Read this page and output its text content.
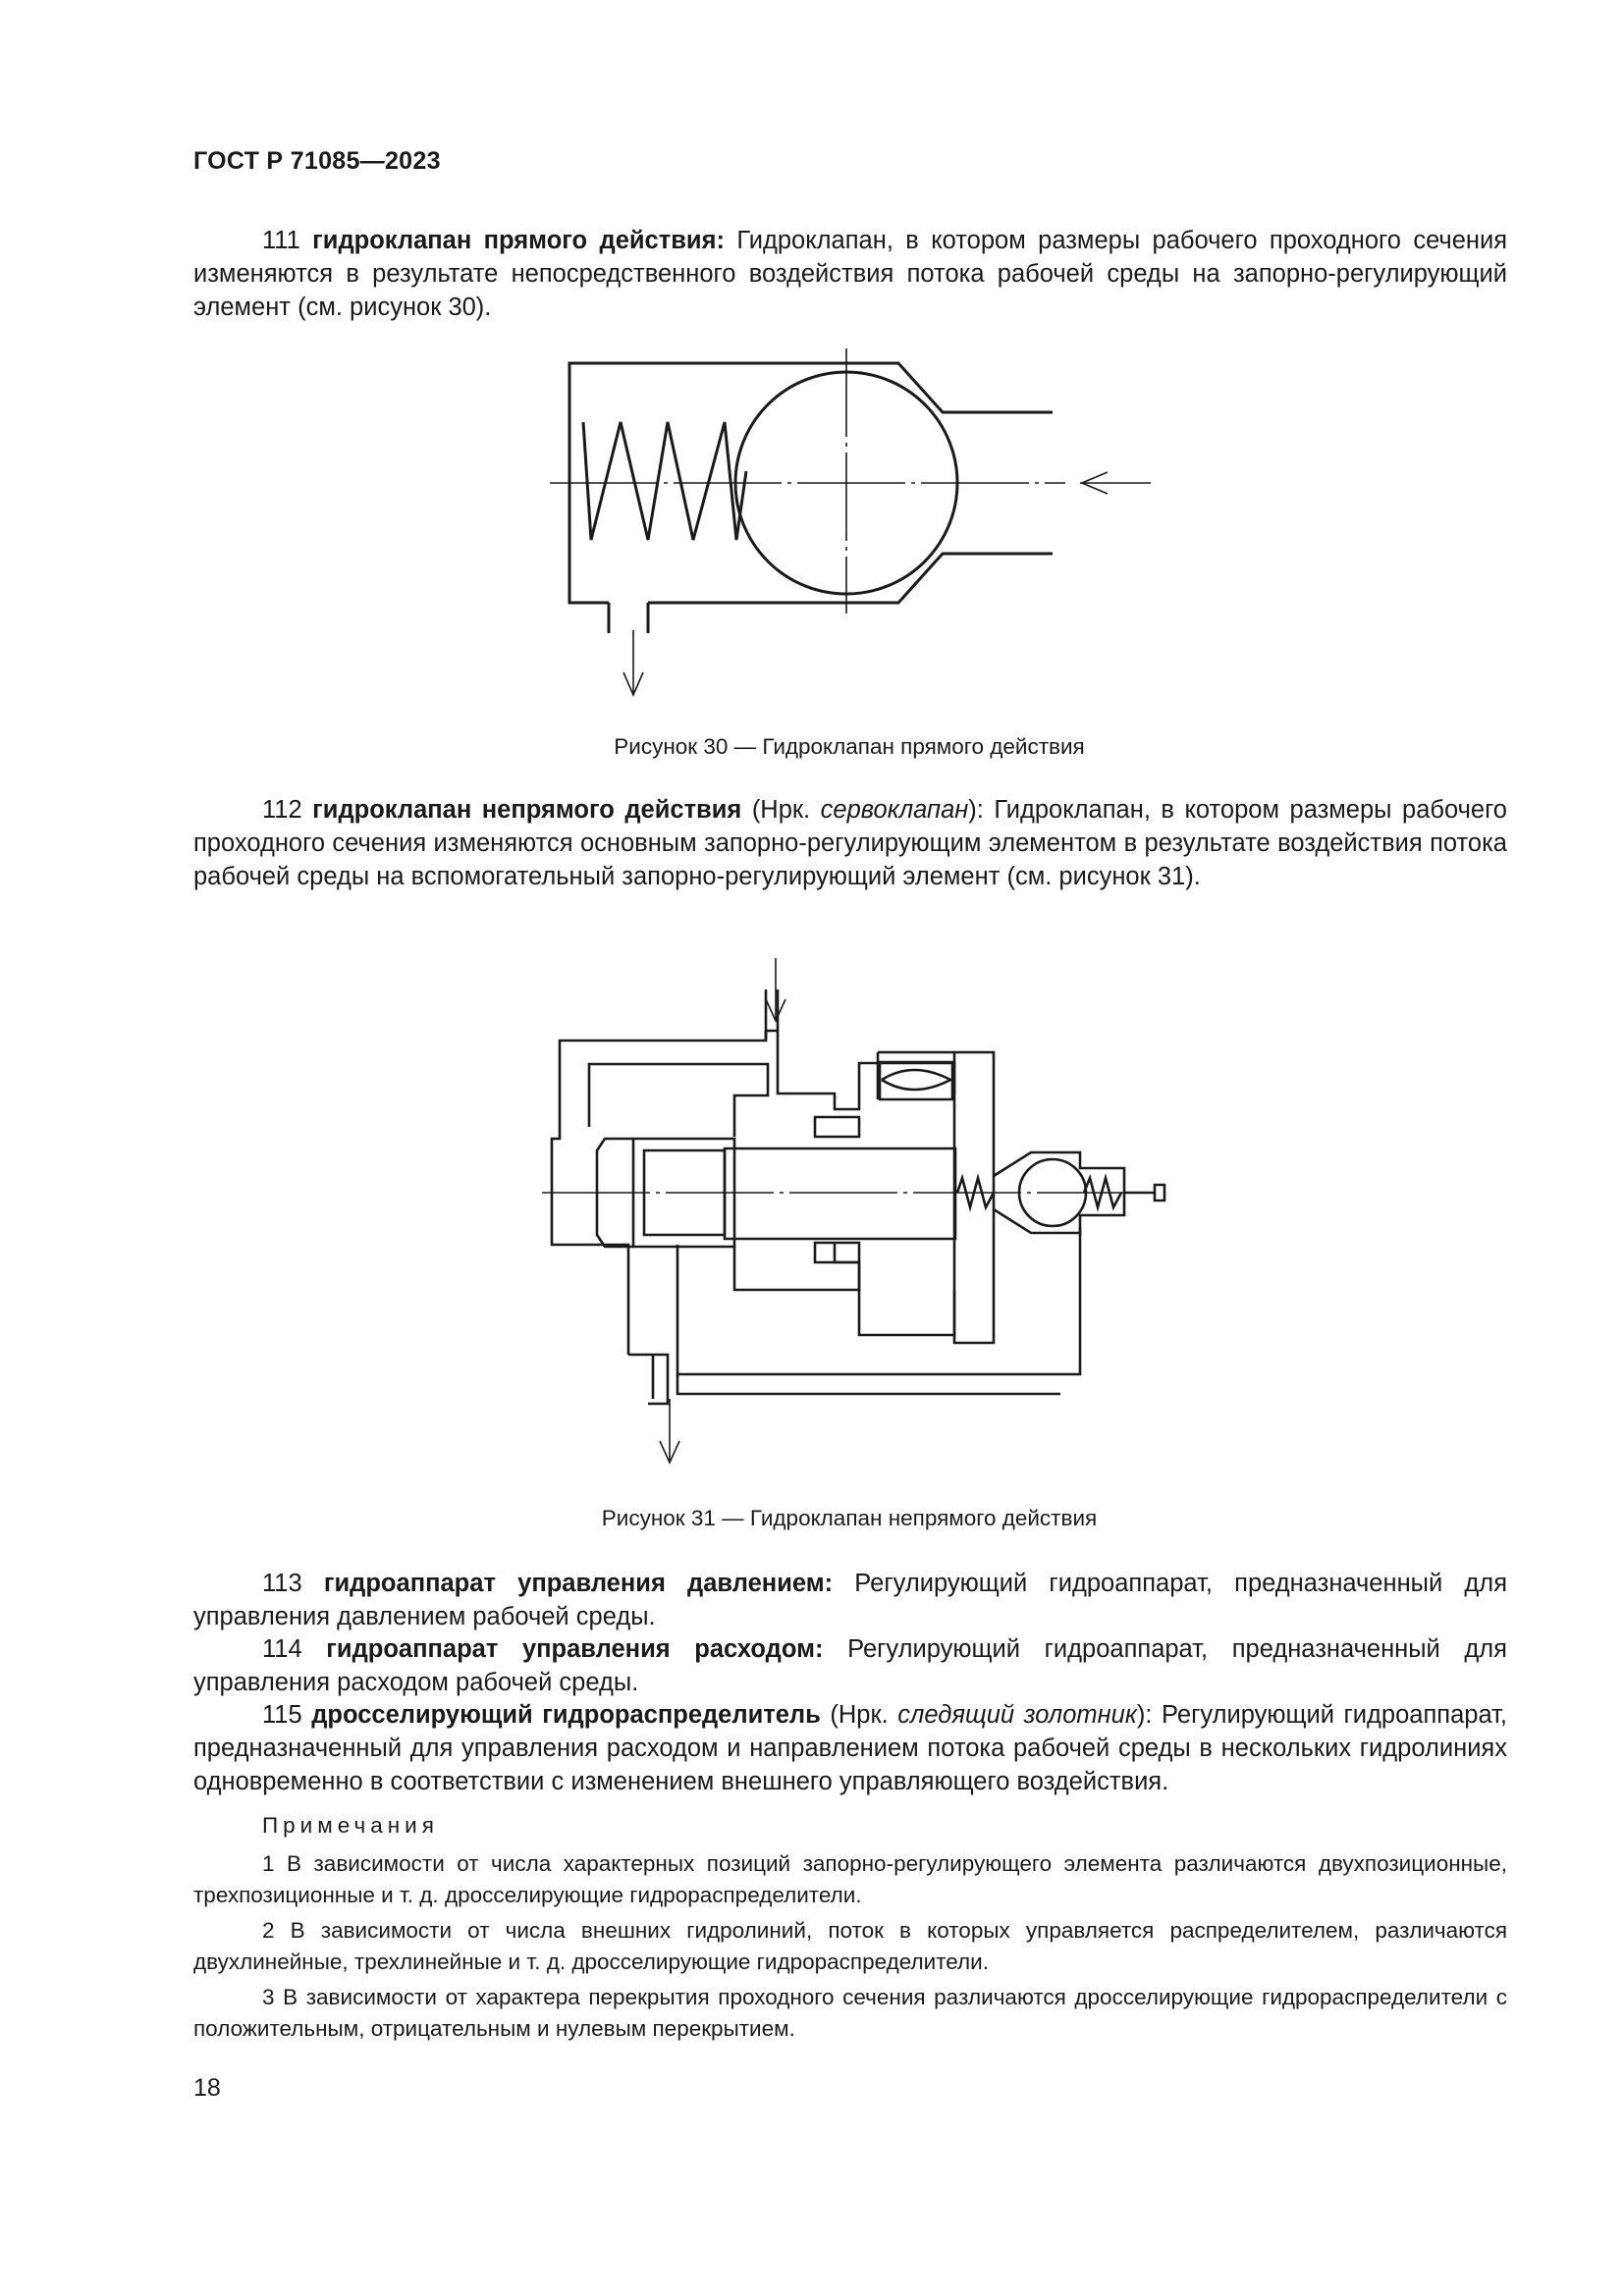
ГОСТ Р 71085—2023
111 гидроклапан прямого действия: Гидроклапан, в котором размеры рабочего проходного сечения изменяются в результате непосредственного воздействия потока рабочей среды на запорно-регулирующий элемент (см. рисунок 30).
Рисунок 30 — Гидроклапан прямого действия
112 гидроклапан непрямого действия (Нрк. сервоклапан): Гидроклапан, в котором размеры рабочего проходного сечения изменяются основным запорно-регулирующим элементом в результате воздействия потока рабочей среды на вспомогательный запорно-регулирующий элемент (см. рисунок 31).
Рисунок 31 — Гидроклапан непрямого действия
113 гидроаппарат управления давлением: Регулирующий гидроаппарат, предназначенный для управления давлением рабочей среды.
114 гидроаппарат управления расходом: Регулирующий гидроаппарат, предназначенный для управления расходом рабочей среды.
115 дросселирующий гидрораспределитель (Нрк. следящий золотник): Регулирующий гидроаппарат, предназначенный для управления расходом и направлением потока рабочей среды в нескольких гидролиниях одновременно в соответствии с изменением внешнего управляющего воздействия.
Примечания
1 В зависимости от числа характерных позиций запорно-регулирующего элемента различаются двухпозиционные, трехпозиционные и т. д. дросселирующие гидрораспределители.
2 В зависимости от числа внешних гидролиний, поток в которых управляется распределителем, различаются двухлинейные, трехлинейные и т. д. дросселирующие гидрораспределители.
3 В зависимости от характера перекрытия проходного сечения различаются дросселирующие гидрораспределители с положительным, отрицательным и нулевым перекрытием.
18
